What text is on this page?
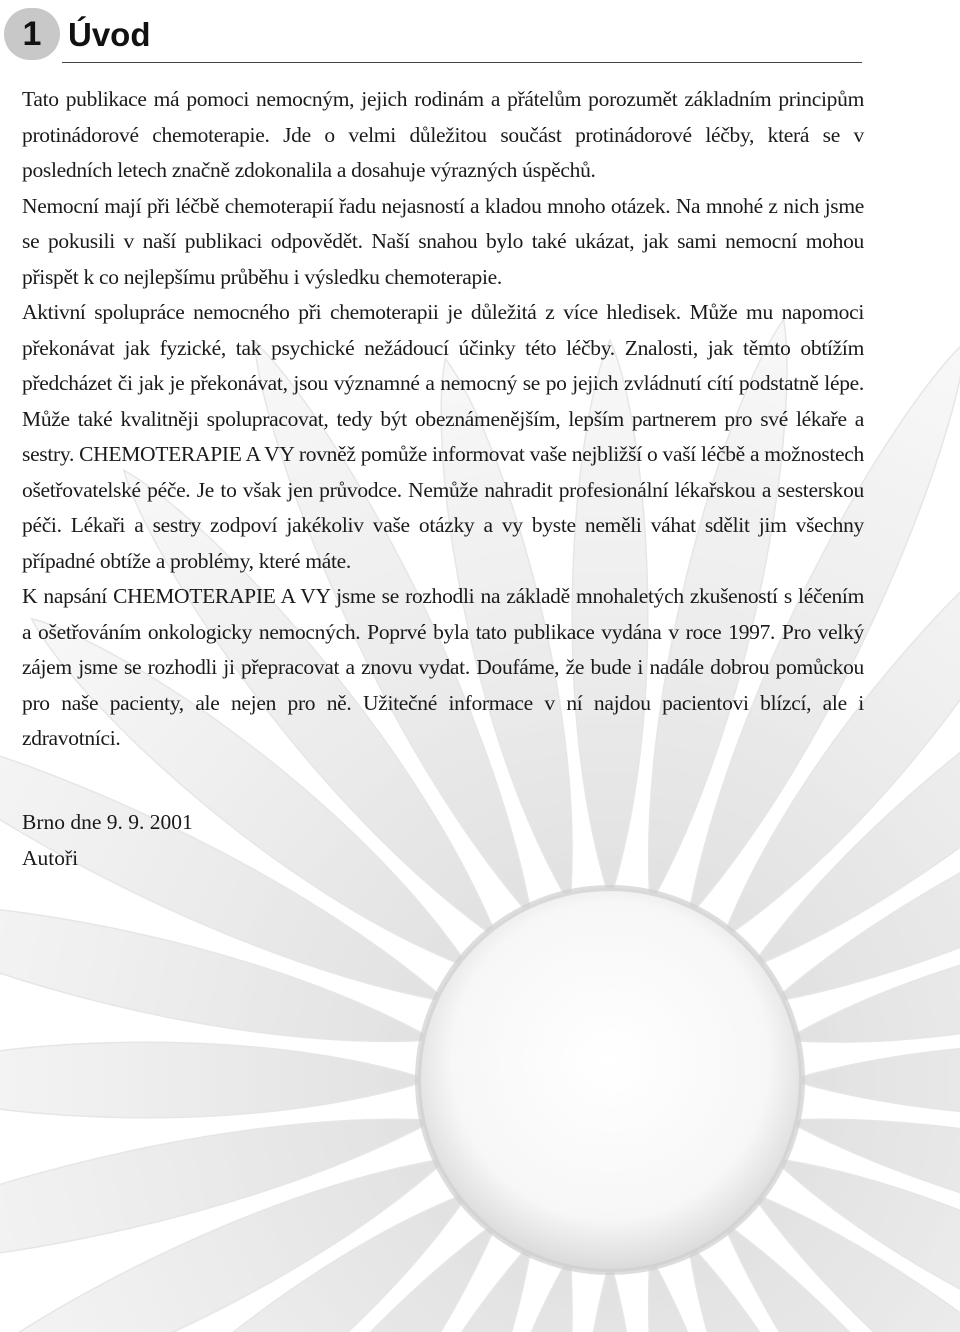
1 Úvod

Tato publikace má pomoci nemocným, jejich rodinám a přátelům porozumět základním principům protinádorové chemoterapie. Jde o velmi důležitou součást protinádorové léčby, která se v posledních letech značně zdokonalila a dosahuje výrazných úspěchů.

Nemocní mají při léčbě chemoterapií řadu nejasností a kladou mnoho otázek. Na mnohé z nich jsme se pokusili v naší publikaci odpovědět. Naší snahou bylo také ukázat, jak sami nemocní mohou přispět k co nejlepšímu průběhu i výsledku chemoterapie.

Aktivní spolupráce nemocného při chemoterapii je důležitá z více hledisek. Může mu napomoci překonávat jak fyzické, tak psychické nežádoucí účinky této léčby. Znalosti, jak těmto obtížím předcházet či jak je překonávat, jsou významné a nemocný se po jejich zvládnutí cítí podstatně lépe. Může také kvalitněji spolupracovat, tedy být obeznámenějším, lepším partnerem pro své lékaře a sestry. CHEMOTERAPIE A VY rovněž pomůže informovat vaše nejbližší o vaší léčbě a možnostech ošetřovatelské péče. Je to však jen průvodce. Nemůže nahradit profesionální lékařskou a sesterskou péči. Lékaři a sestry zodpoví jakékoliv vaše otázky a vy byste neměli váhat sdělit jim všechny případné obtíže a problémy, které máte.

K napsání CHEMOTERAPIE A VY jsme se rozhodli na základě mnohaletých zkušeností s léčením a ošetřováním onkologicky nemocných. Poprvé byla tato publikace vydána v roce 1997. Pro velký zájem jsme se rozhodli ji přepracovat a znovu vydat. Doufáme, že bude i nadále dobrou pomůckou pro naše pacienty, ale nejen pro ně. Užitečné informace v ní najdou pacientovi blízcí, ale i zdravotníci.

Brno dne 9. 9. 2001
Autoři
